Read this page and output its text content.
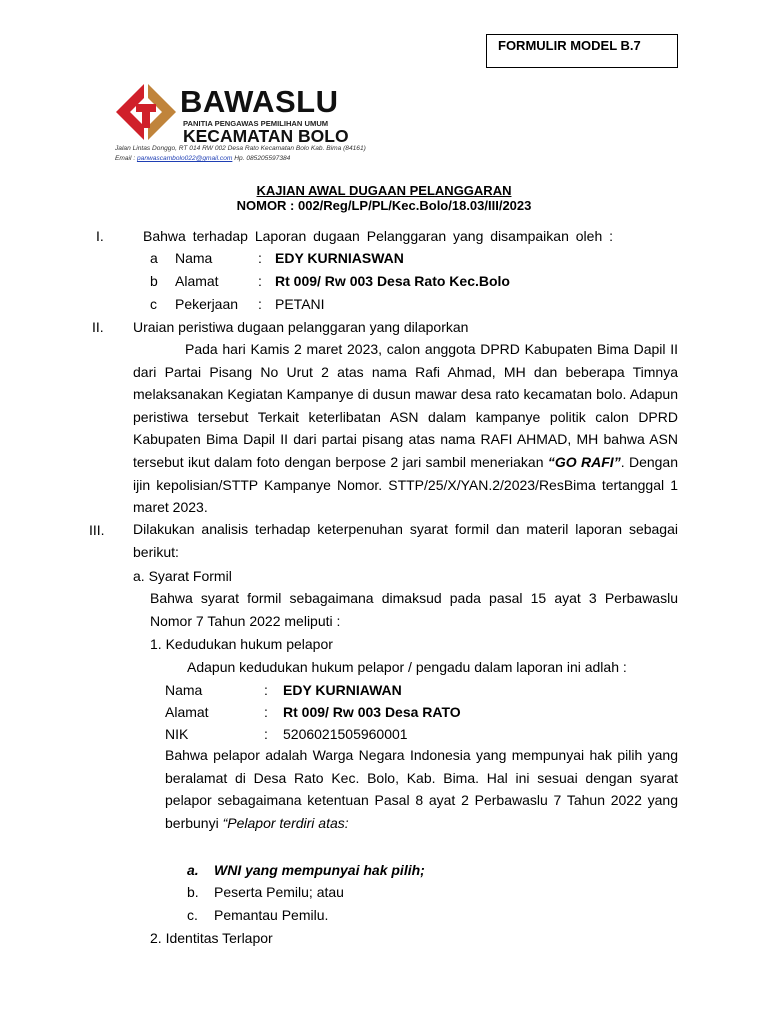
FORMULIR MODEL B.7
BAWASLU
PANITIA PENGAWAS PEMILIHAN UMUM
KECAMATAN BOLO
Jalan Lintas Donggo, RT 014 RW 002 Desa Rato Kecamatan Bolo Kab. Bima (84161)
Email : panwascambolo022@gmail.com Hp. 085205597384
KAJIAN AWAL DUGAAN PELANGGARAN
NOMOR : 002/Reg/LP/PL/Kec.Bolo/18.03/III/2023
I.	Bahwa terhadap Laporan dugaan Pelanggaran yang disampaikan oleh :
a Nama	: EDY KURNIASWAN
b Alamat	: Rt 009/ Rw 003 Desa Rato Kec.Bolo
c Pekerjaan : PETANI
II. Uraian peristiwa dugaan pelanggaran yang dilaporkan
Pada hari Kamis 2 maret 2023, calon anggota DPRD Kabupaten Bima Dapil II dari Partai Pisang No Urut 2 atas nama Rafi Ahmad, MH dan beberapa Timnya melaksanakan Kegiatan Kampanye di dusun mawar desa rato kecamatan bolo. Adapun peristiwa tersebut Terkait keterlibatan ASN dalam kampanye politik calon DPRD Kabupaten Bima Dapil II dari partai pisang atas nama RAFI AHMAD, MH bahwa ASN tersebut ikut dalam foto dengan berpose 2 jari sambil meneriakan “GO RAFI”. Dengan ijin kepolisian/STTP Kampanye Nomor. STTP/25/X/YAN.2/2023/ResBima tertanggal 1 maret 2023.
III. Dilakukan analisis terhadap keterpenuhan syarat formil dan materil laporan sebagai berikut:
a. Syarat Formil
Bahwa syarat formil sebagaimana dimaksud pada pasal 15 ayat 3 Perbawaslu Nomor 7 Tahun 2022 meliputi :
1. Kedudukan hukum pelapor
Adapun kedudukan hukum pelapor / pengadu dalam laporan ini adlah :
Nama	: EDY KURNIAWAN
Alamat	: Rt 009/ Rw 003 Desa RATO
NIK	: 5206021505960001
Bahwa pelapor adalah Warga Negara Indonesia yang mempunyai hak pilih yang beralamat di Desa Rato Kec. Bolo, Kab. Bima. Hal ini sesuai dengan syarat pelapor sebagaimana ketentuan Pasal 8 ayat 2 Perbawaslu 7 Tahun 2022 yang berbunyi “Pelapor terdiri atas:
a. WNI yang mempunyai hak pilih;
b. Peserta Pemilu; atau
c. Pemantau Pemilu.
2. Identitas Terlapor
